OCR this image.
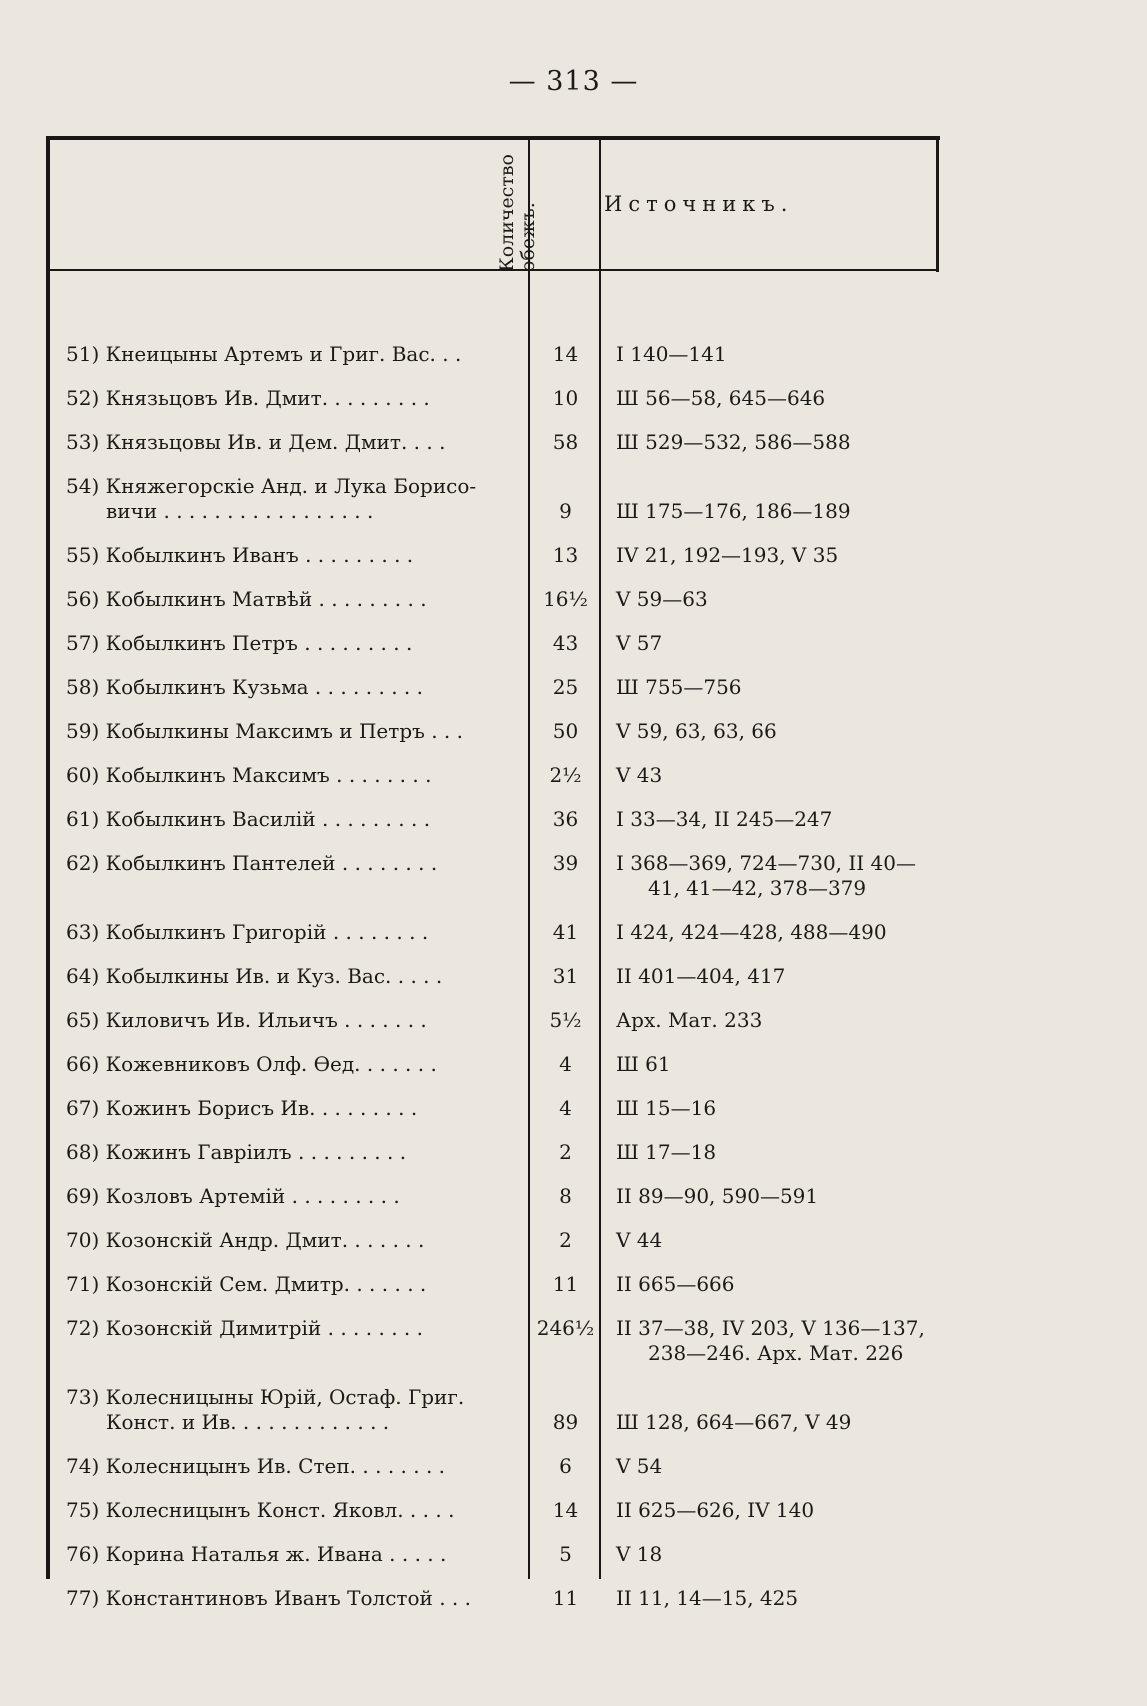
— 313 —
Количество обежъ.	Источникъ.
51) Кнеицыны Артемъ и Григ. Вас. . .	14	I 140—141
52) Князьцовъ Ив. Дмит. . . . . . . . .	10	Ш 56—58, 645—646
53) Князьцовы Ив. и Дем. Дмит. . . .	58	Ш 529—532, 586—588
54) Княжегорскіе Анд. и Лука Борисо-
вичи . . . . . . . . . . . . . . . . .	9	Ш 175—176, 186—189
55) Кобылкинъ Иванъ . . . . . . . . .	13	IV 21, 192—193, V 35
56) Кобылкинъ Матвѣй . . . . . . . . .	16½	V 59—63
57) Кобылкинъ Петръ . . . . . . . . .	43	V 57
58) Кобылкинъ Кузьма . . . . . . . . .	25	Ш 755—756
59) Кобылкины Максимъ и Петръ . . .	50	V 59, 63, 63, 66
60) Кобылкинъ Максимъ . . . . . . . .	2½	V 43
61) Кобылкинъ Василій . . . . . . . . .	36	I 33—34, II 245—247
62) Кобылкинъ Пантелей . . . . . . . .	39	I 368—369, 724—730, II 40—
41, 41—42, 378—379
63) Кобылкинъ Григорій . . . . . . . .	41	I 424, 424—428, 488—490
64) Кобылкины Ив. и Куз. Вас. . . . .	31	II 401—404, 417
65) Киловичъ Ив. Ильичъ . . . . . . .	5½	Арх. Мат. 233
66) Кожевниковъ Олф. Ѳед. . . . . . .	4	Ш 61
67) Кожинъ Борисъ Ив. . . . . . . . .	4	Ш 15—16
68) Кожинъ Гавріилъ . . . . . . . . .	2	Ш 17—18
69) Козловъ Артемій . . . . . . . . .	8	II 89—90, 590—591
70) Козонскій Андр. Дмит. . . . . . .	2	V 44
71) Козонскій Сем. Дмитр. . . . . . .	11	II 665—666
72) Козонскій Димитрій . . . . . . . .	246½	II 37—38, IV 203, V 136—137,
238—246. Арх. Мат. 226
73) Колесницыны Юрій, Остаф. Григ.
Конст. и Ив. . . . . . . . . . . . .	89	Ш 128, 664—667, V 49
74) Колесницынъ Ив. Степ. . . . . . . .	6	V 54
75) Колесницынъ Конст. Яковл. . . . .	14	II 625—626, IV 140
76) Корина Наталья ж. Ивана . . . . .	5	V 18
77) Константиновъ Иванъ Толстой . . .	11	II 11, 14—15, 425
